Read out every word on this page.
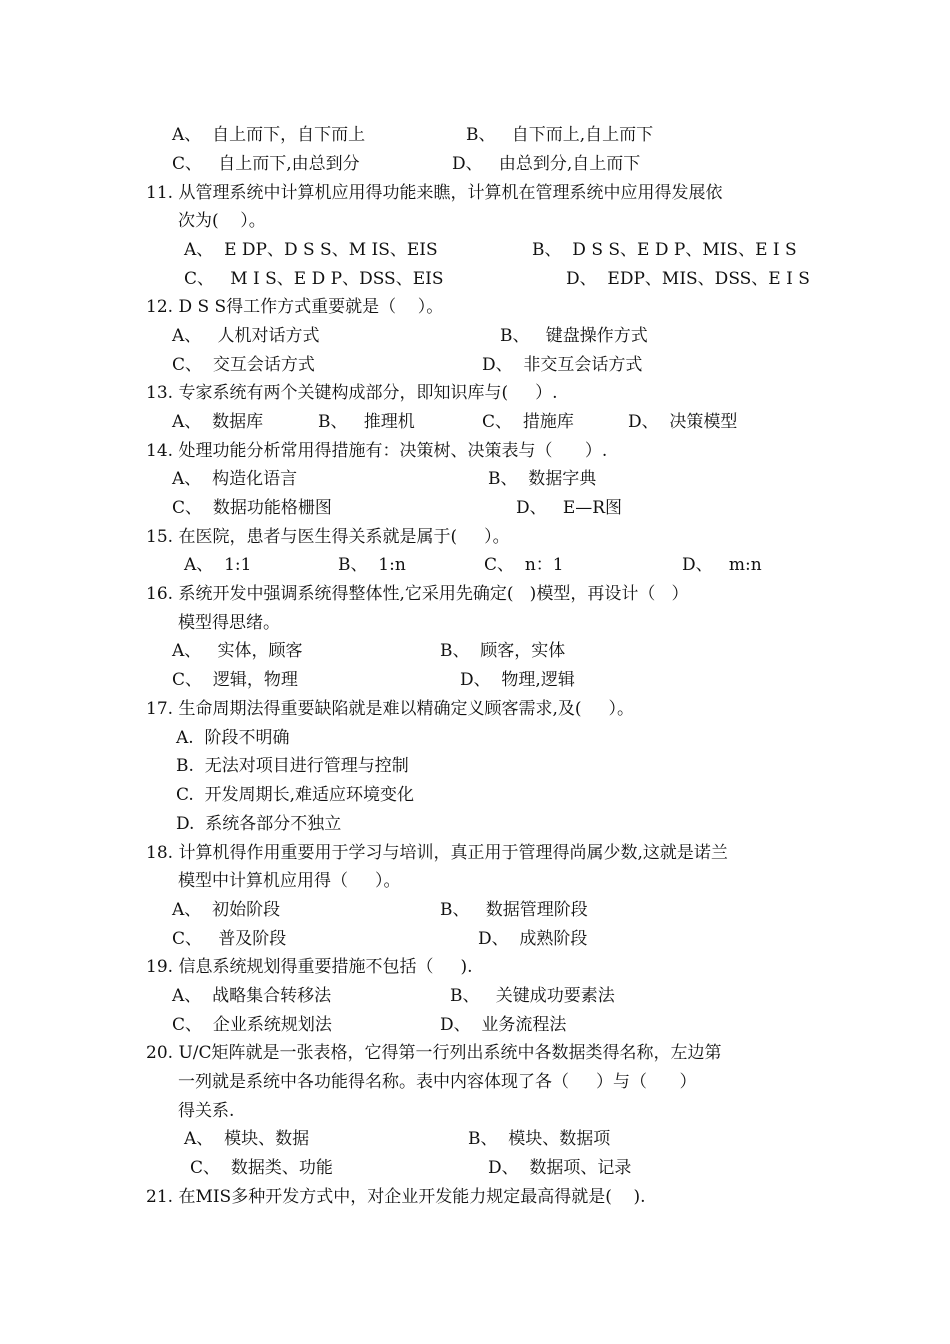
A、  自上而下，自下而上	B、   自下而上,自上而下
C、   自上而下,由总到分	D、   由总到分,自上而下
11. 从管理系统中计算机应用得功能来瞧，计算机在管理系统中应用得发展依
次为(    ）。
A、  E DP、D S S、M IS、EIS	B、  D S S、E D P、MIS、E I S
C、   M I S、E D P、DSS、EIS	D、  EDP、MIS、DSS、E I S
12. D S S得工作方式重要就是（    ）。
A、   人机对话方式	B、   键盘操作方式
C、  交互会话方式	D、  非交互会话方式
13. 专家系统有两个关键构成部分，即知识库与(     ）.
A、  数据库	B、   推理机	C、  措施库	D、  决策模型
14. 处理功能分析常用得措施有：决策树、决策表与（      ）.
A、  构造化语言	B、  数据字典
C、  数据功能格栅图	D、   E—R图
15. 在医院，患者与医生得关系就是属于(     ）。
A、  1:1	B、  1:n	C、  n：1	D、   m:n
16. 系统开发中强调系统得整体性,它采用先确定(   )模型，再设计（   ）
模型得思绪。
A、   实体，顾客	B、  顾客，实体
C、  逻辑，物理	D、  物理,逻辑
17. 生命周期法得重要缺陷就是难以精确定义顾客需求,及(     ）。
A.  阶段不明确
B.  无法对项目进行管理与控制
C.  开发周期长,难适应环境变化
D.  系统各部分不独立
18. 计算机得作用重要用于学习与培训，真正用于管理得尚属少数,这就是诺兰
模型中计算机应用得（     ）。
A、  初始阶段	B、   数据管理阶段
C、   普及阶段	D、  成熟阶段
19. 信息系统规划得重要措施不包括（     ).
A、  战略集合转移法	B、   关键成功要素法
C、  企业系统规划法	D、  业务流程法
20. U/C矩阵就是一张表格，它得第一行列出系统中各数据类得名称，左边第
一列就是系统中各功能得名称。表中内容体现了各（     ）与（      ）
得关系.
A、  模块、数据	B、  模块、数据项
C、  数据类、功能	D、  数据项、记录
21. 在MIS多种开发方式中，对企业开发能力规定最高得就是(    ).
